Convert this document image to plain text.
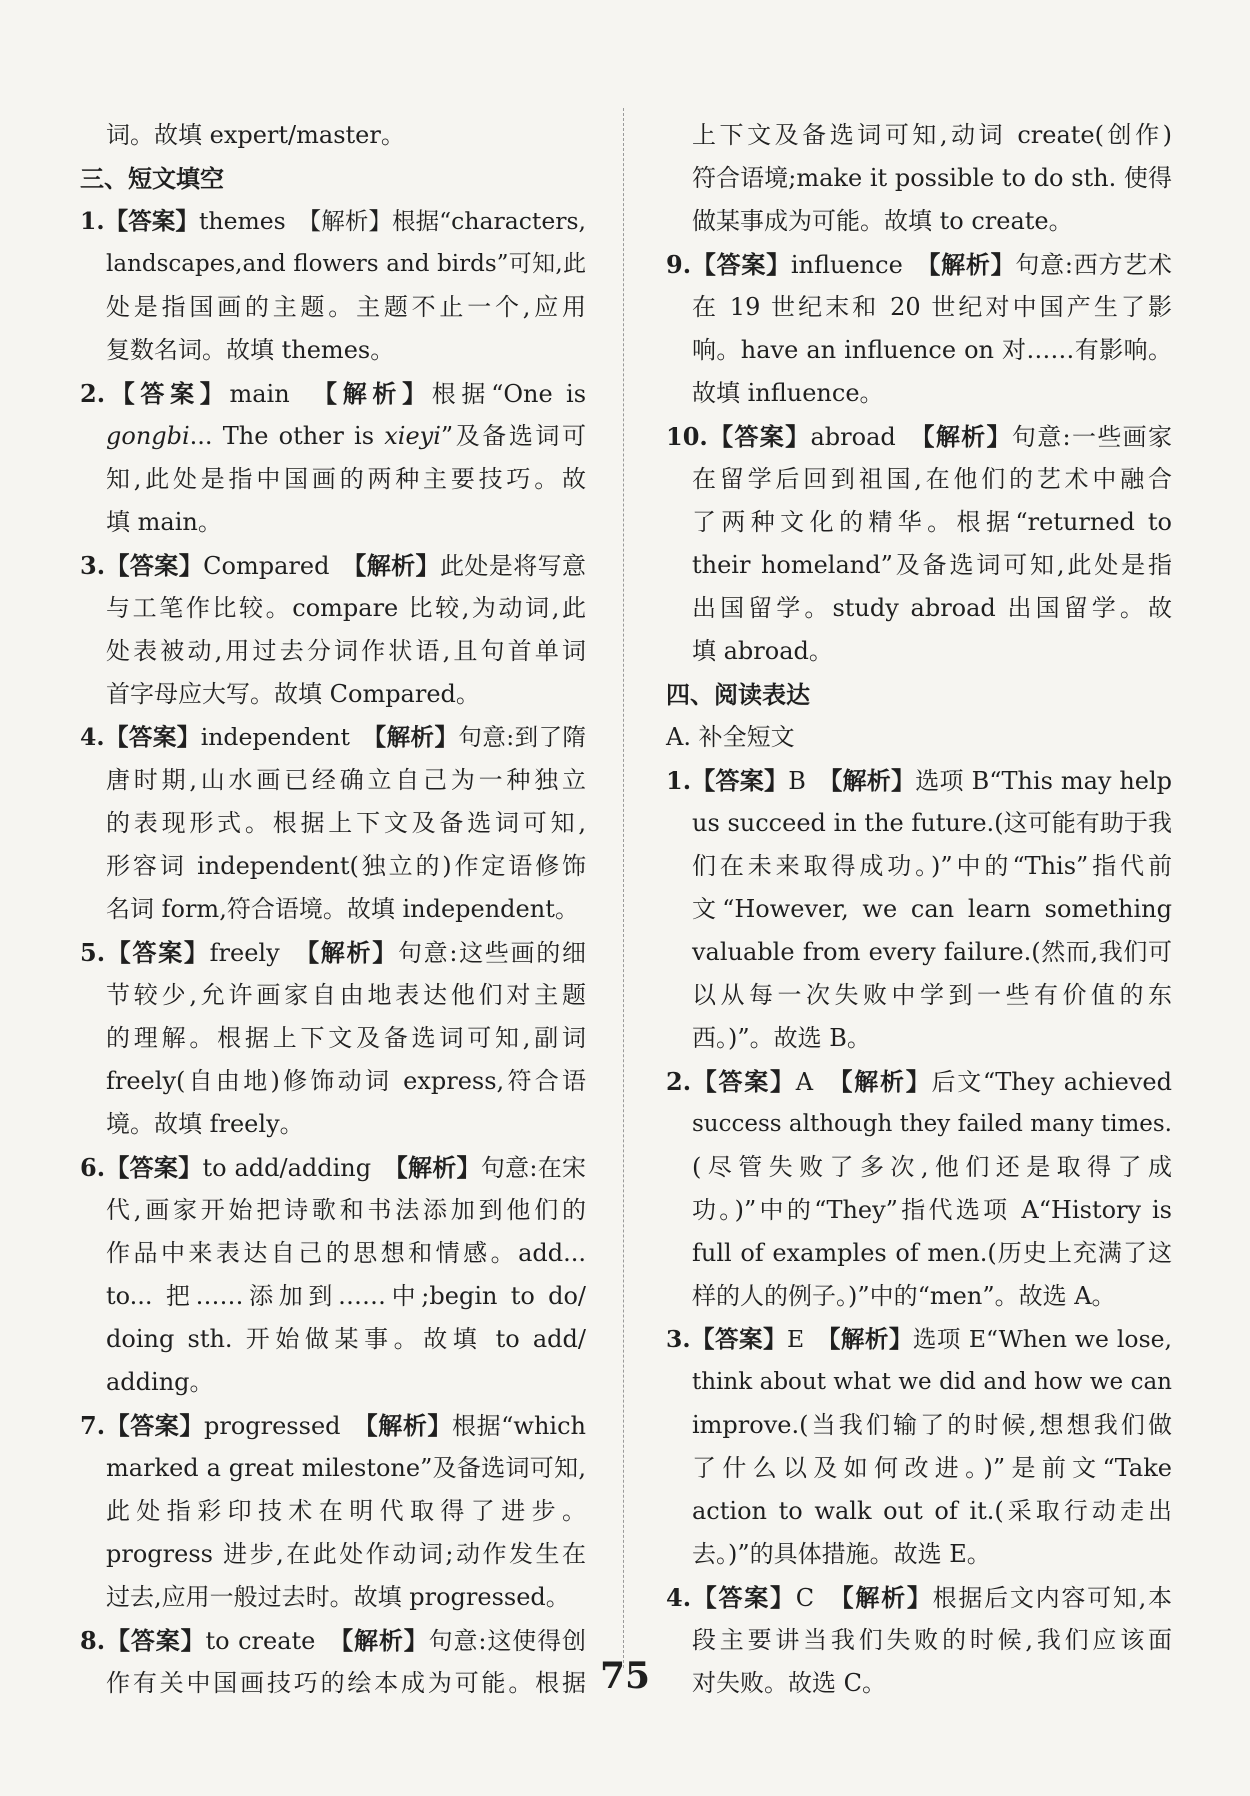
词。故填 expert/master。
三、短文填空
1.【答案】themes　【解析】根据“characters,
landscapes,and flowers and birds”可知,此
处是指国画的主题。主题不止一个,应用
复数名词。故填 themes。
2.【答案】main　【解析】根据“One is
gongbi... The other is xieyi”及备选词可
知,此处是指中国画的两种主要技巧。故
填 main。
3.【答案】Compared　【解析】此处是将写意
与工笔作比较。compare 比较,为动词,此
处表被动,用过去分词作状语,且句首单词
首字母应大写。故填 Compared。
4.【答案】independent　【解析】句意:到了隋
唐时期,山水画已经确立自己为一种独立
的表现形式。根据上下文及备选词可知,
形容词 independent(独立的)作定语修饰
名词 form,符合语境。故填 independent。
5.【答案】freely　【解析】句意:这些画的细
节较少,允许画家自由地表达他们对主题
的理解。根据上下文及备选词可知,副词
freely(自由地)修饰动词 express,符合语
境。故填 freely。
6.【答案】to add/adding　【解析】句意:在宋
代,画家开始把诗歌和书法添加到他们的
作品中来表达自己的思想和情感。add...
to... 把……添加到……中;begin to do/
doing sth. 开始做某事。故填 to add/
adding。
7.【答案】progressed　【解析】根据“which
marked a great milestone”及备选词可知,
此处指彩印技术在明代取得了进步。
progress 进步,在此处作动词;动作发生在
过去,应用一般过去时。故填 progressed。
8.【答案】to create　【解析】句意:这使得创
作有关中国画技巧的绘本成为可能。根据
上下文及备选词可知,动词 create(创作)
符合语境;make it possible to do sth. 使得
做某事成为可能。故填 to create。
9.【答案】influence　【解析】句意:西方艺术
在 19 世纪末和 20 世纪对中国产生了影
响。have an influence on 对……有影响。
故填 influence。
10.【答案】abroad　【解析】句意:一些画家
在留学后回到祖国,在他们的艺术中融合
了两种文化的精华。根据“returned to
their homeland”及备选词可知,此处是指
出国留学。study abroad 出国留学。故
填 abroad。
四、阅读表达
A. 补全短文
1.【答案】B　【解析】选项 B“This may help
us succeed in the future.(这可能有助于我
们在未来取得成功。)”中的“This”指代前
文“However, we can learn something
valuable from every failure.(然而,我们可
以从每一次失败中学到一些有价值的东
西。)”。故选 B。
2.【答案】A　【解析】后文“They achieved
success although they failed many times.
(尽管失败了多次,他们还是取得了成
功。)”中的“They”指代选项 A“History is
full of examples of men.(历史上充满了这
样的人的例子。)”中的“men”。故选 A。
3.【答案】E　【解析】选项 E“When we lose,
think about what we did and how we can
improve.(当我们输了的时候,想想我们做
了什么以及如何改进。)”是前文“Take
action to walk out of it.(采取行动走出
去。)”的具体措施。故选 E。
4.【答案】C　【解析】根据后文内容可知,本
段主要讲当我们失败的时候,我们应该面
对失败。故选 C。
75
